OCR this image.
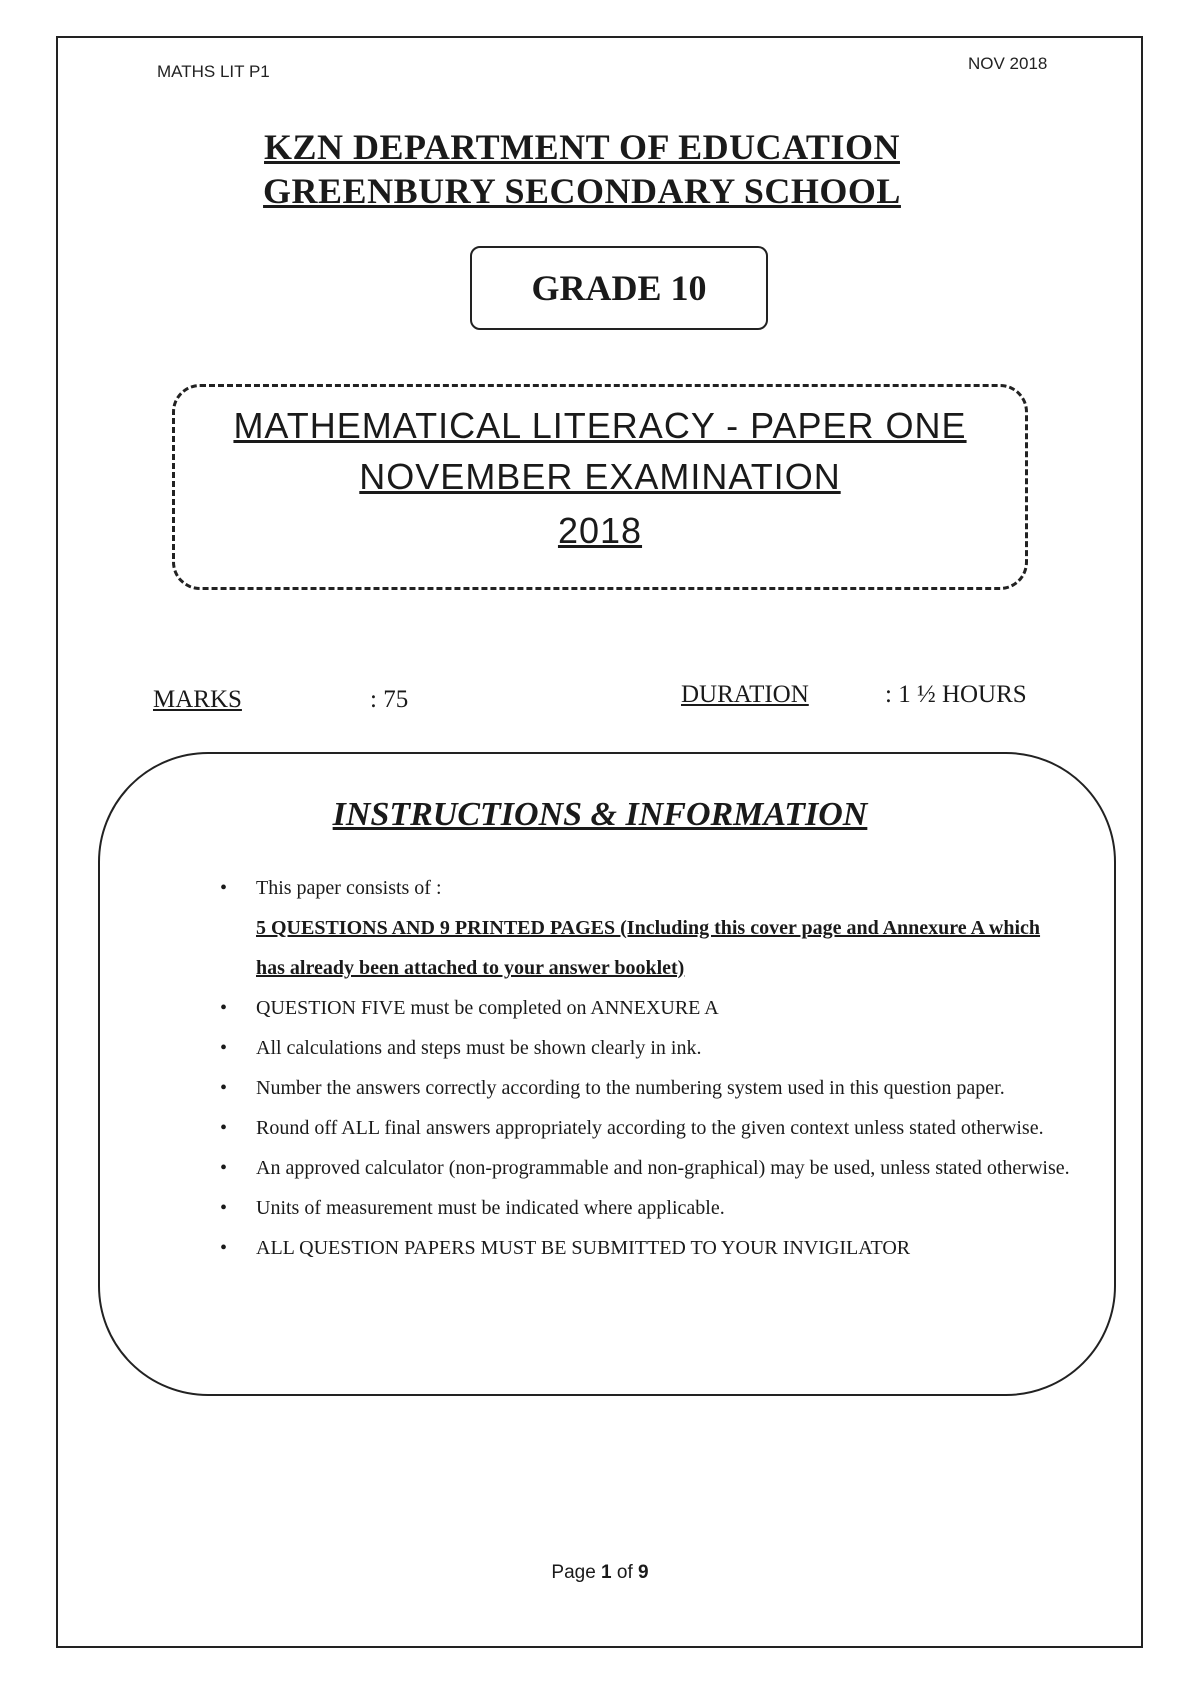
MATHS LIT P1	NOV 2018
KZN DEPARTMENT OF EDUCATION
GREENBURY SECONDARY SCHOOL
GRADE 10
MATHEMATICAL LITERACY - PAPER ONE
NOVEMBER EXAMINATION
2018
MARKS	: 75	DURATION	: 1 ½ HOURS
INSTRUCTIONS & INFORMATION
• This paper consists of :
5 QUESTIONS AND 9 PRINTED PAGES (Including this cover page and Annexure A which has already been attached to your answer booklet)
• QUESTION FIVE must be completed on ANNEXURE A
• All calculations and steps must be shown clearly in ink.
• Number the answers correctly according to the numbering system used in this question paper.
• Round off ALL final answers appropriately according to the given context unless stated otherwise.
• An approved calculator (non-programmable and non-graphical) may be used, unless stated otherwise.
• Units of measurement must be indicated where applicable.
• ALL QUESTION PAPERS MUST BE SUBMITTED TO YOUR INVIGILATOR
Page 1 of 9
